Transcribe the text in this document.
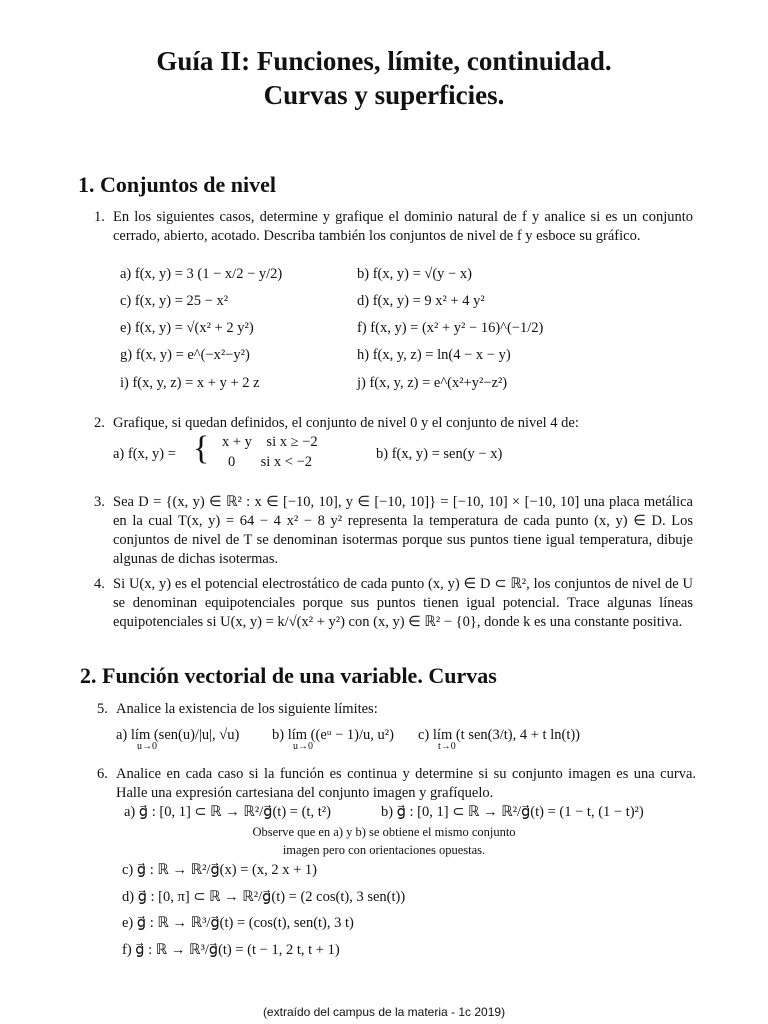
Guía II: Funciones, límite, continuidad.
Curvas y superficies.
1. Conjuntos de nivel
1. En los siguientes casos, determine y grafique el dominio natural de f y analice si es un conjunto cerrado, abierto, acotado. Describa también los conjuntos de nivel de f y esboce su gráfico.
a) f(x, y) = 3 (1 − x/2 − y/2)	b) f(x, y) = √(y − x)
c) f(x, y) = 25 − x²	d) f(x, y) = 9 x² + 4 y²
e) f(x, y) = √(x² + 2 y²)	f) f(x, y) = (x² + y² − 16)^(−1/2)
g) f(x, y) = e^(−x²−y²)	h) f(x, y, z) = ln(4 − x − y)
i) f(x, y, z) = x + y + 2 z	j) f(x, y, z) = e^(x²+y²−z²)
2. Grafique, si quedan definidos, el conjunto de nivel 0 y el conjunto de nivel 4 de:
a) f(x, y) = { x + y    si x ≥ −2
0       si x < −2	b) f(x, y) = sen(y − x)
3. Sea D = {(x, y) ∈ ℝ² : x ∈ [−10, 10], y ∈ [−10, 10]} = [−10, 10] × [−10, 10] una placa metálica en la cual T(x, y) = 64 − 4 x² − 8 y² representa la temperatura de cada punto (x, y) ∈ D. Los conjuntos de nivel de T se denominan isotermas porque sus puntos tiene igual temperatura, dibuje algunas de dichas isotermas.
4. Si U(x, y) es el potencial electrostático de cada punto (x, y) ∈ D ⊂ ℝ², los conjuntos de nivel de U se denominan equipotenciales porque sus puntos tienen igual potencial. Trace algunas líneas equipotenciales si U(x, y) = k/√(x² + y²) con (x, y) ∈ ℝ² − {0}, donde k es una constante positiva.
2. Función vectorial de una variable. Curvas
5. Analice la existencia de los siguiente límites:
a) lím (sen(u)/|u|, √u)
u→0
b) lím ((eᵘ − 1)/u, u²)
u→0
c) lím (t sen(3/t), 4 + t ln(t))
t→0
6. Analice en cada caso si la función es continua y determine si su conjunto imagen es una curva. Halle una expresión cartesiana del conjunto imagen y grafíquelo.
a) g⃗ : [0, 1] ⊂ ℝ → ℝ²/g⃗(t) = (t, t²)	b) g⃗ : [0, 1] ⊂ ℝ → ℝ²/g⃗(t) = (1 − t, (1 − t)²)
Observe que en a) y b) se obtiene el mismo conjunto
imagen pero con orientaciones opuestas.
c) g⃗ : ℝ → ℝ²/g⃗(x) = (x, 2 x + 1)
d) g⃗ : [0, π] ⊂ ℝ → ℝ²/g⃗(t) = (2 cos(t), 3 sen(t))
e) g⃗ : ℝ → ℝ³/g⃗(t) = (cos(t), sen(t), 3 t)
f) g⃗ : ℝ → ℝ³/g⃗(t) = (t − 1, 2 t, t + 1)
(extraído del campus de la materia - 1c 2019)
